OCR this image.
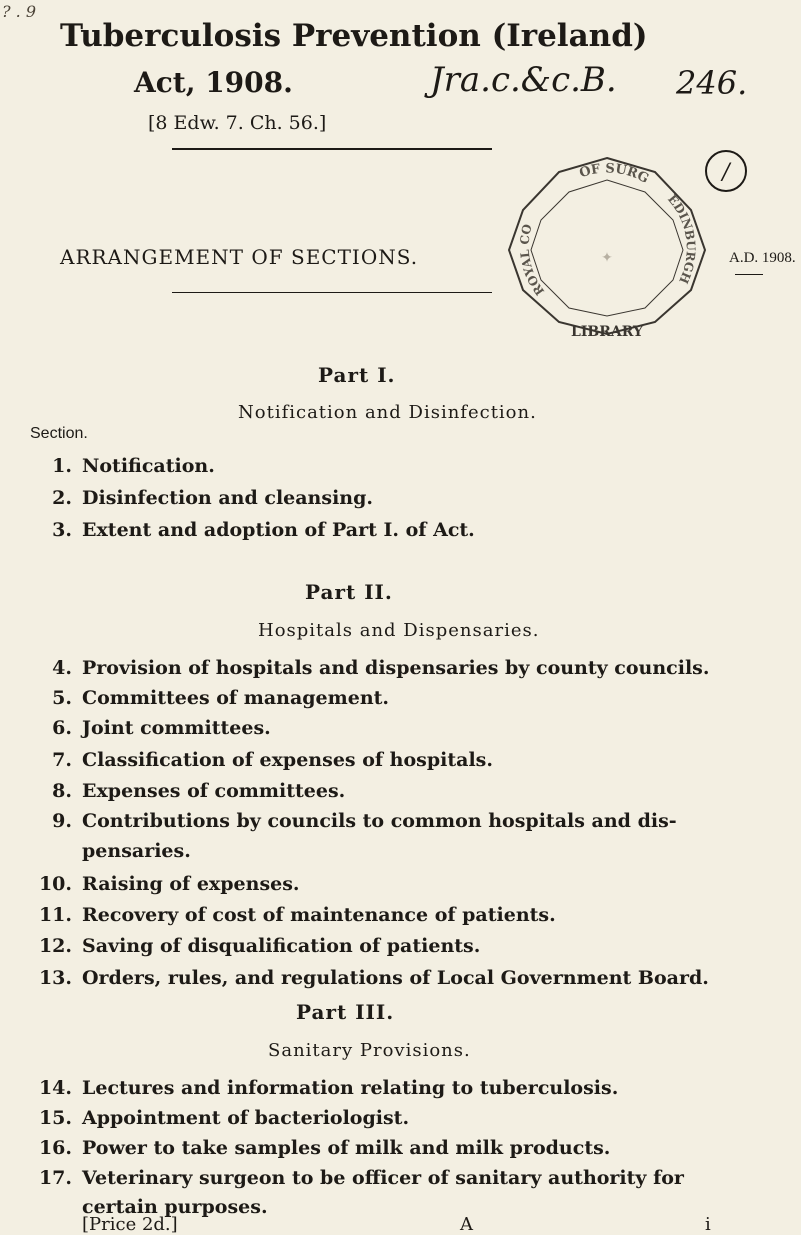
? . 9
Tuberculosis Prevention (Ireland)
Act, 1908.	Jra.c.&c.B. 246.
[8 Edw. 7. Ch. 56.]
OF SURG
ROYAL CO
EDINBURGH
LIBRARY
✦
/
ARRANGEMENT OF SECTIONS.	A.D. 1908.
Part I.
Notification and Disinfection.
Section.
1. Notification.
2. Disinfection and cleansing.
3. Extent and adoption of Part I. of Act.
Part II.
Hospitals and Dispensaries.
4. Provision of hospitals and dispensaries by county councils.
5. Committees of management.
6. Joint committees.
7. Classification of expenses of hospitals.
8. Expenses of committees.
9. Contributions by councils to common hospitals and dis-
pensaries.
10. Raising of expenses.
11. Recovery of cost of maintenance of patients.
12. Saving of disqualification of patients.
13. Orders, rules, and regulations of Local Government Board.
Part III.
Sanitary Provisions.
14. Lectures and information relating to tuberculosis.
15. Appointment of bacteriologist.
16. Power to take samples of milk and milk products.
17. Veterinary surgeon to be officer of sanitary authority for
[Price 2d.]	A	i
certain purposes.
